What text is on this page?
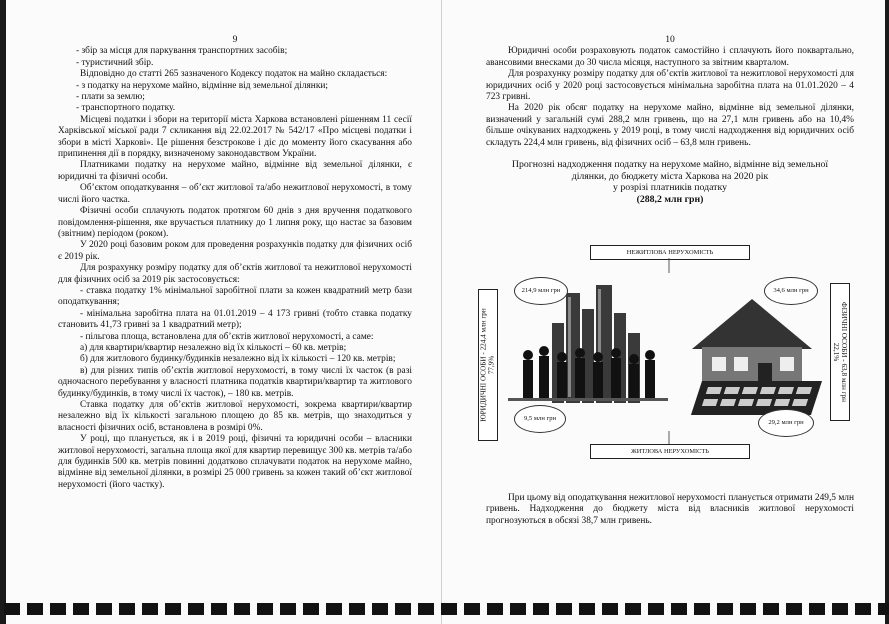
9

- збір за місця для паркування транспортних засобів;

- туристичний збір.

Відповідно до статті 265 зазначеного Кодексу податок на майно складається:

- з податку на нерухоме майно, відмінне від земельної ділянки;

- плати за землю;

- транспортного податку.

Місцеві податки і збори на території міста Харкова встановлені рішенням 11 сесії Харківської міської ради 7 скликання від 22.02.2017 № 542/17 «Про місцеві податки і збори в місті Харкові». Це рішення безстрокове і діє до моменту його скасування або припинення дії в порядку, визначеному законодавством України.

Платниками податку на нерухоме майно, відмінне від земельної ділянки, є юридичні та фізичні особи.

Об’єктом оподаткування – об’єкт житлової та/або нежитлової нерухомості, в тому числі його частка.

Фізичні особи сплачують податок протягом 60 днів з дня вручення податкового повідомлення-рішення, яке вручається платнику до 1 липня року, що настає за базовим (звітним) періодом (роком).

У 2020 році базовим роком для проведення розрахунків податку для фізичних осіб є 2019 рік.

Для розрахунку розміру податку для об’єктів житлової та нежитлової нерухомості для фізичних осіб за 2019 рік застосовується:

- ставка податку 1% мінімальної заробітної плати за кожен квадратний метр бази оподаткування;

- мінімальна заробітна плата на 01.01.2019 – 4 173 гривні (тобто ставка податку становить 41,73 гривні за 1 квадратний метр);

- пільгова площа, встановлена для об’єктів житлової нерухомості, а саме:

а) для квартири/квартир незалежно від їх кількості – 60 кв. метрів;

б) для житлового будинку/будинків незалежно від їх кількості – 120 кв. метрів;

в) для різних типів об’єктів житлової нерухомості, в тому числі їх часток (в разі одночасного перебування у власності платника податків квартири/квартир та житлового будинку/будинків, в тому числі їх часток), – 180 кв. метрів.

Ставка податку для об’єктів житлової нерухомості, зокрема квартири/квартир незалежно від їх кількості загальною площею до 85 кв. метрів, що знаходиться у власності фізичних осіб, встановлена в розмірі 0%.

У році, що планується, як і в 2019 році, фізичні та юридичні особи – власники житлової нерухомості, загальна площа якої для квартир перевищує 300 кв. метрів та/або для будинків 500 кв. метрів повинні додатково сплачувати податок на нерухоме майно, відмінне від земельної ділянки, в розмірі 25 000 гривень за кожен такий об’єкт житлової нерухомості (його частку).

10

Юридичні особи розраховують податок самостійно і сплачують його поквартально, авансовими внесками до 30 числа місяця, наступного за звітним кварталом.

Для розрахунку розміру податку для об’єктів житлової та нежитлової нерухомості для юридичних осіб у 2020 році застосовується мінімальна заробітна плата на 01.01.2020 – 4 723 гривні.

На 2020 рік обсяг податку на нерухоме майно, відмінне від земельної ділянки, визначений у загальній сумі 288,2 млн гривень, що на 27,1 млн гривень або на 10,4% більше очікуваних надходжень у 2019 році, в тому числі надходження від юридичних осіб складуть 224,4 млн гривень, від фізичних осіб – 63,8 млн гривень.

Прогнозні надходження податку на нерухоме майно, відмінне від земельної
ділянки, до бюджету міста Харкова на 2020 рік
у розрізі платників податку
(288,2 млн грн)
НЕЖИТЛОВА НЕРУХОМІСТЬ
ЖИТЛОВА НЕРУХОМІСТЬ
ЮРИДИЧНІ ОСОБИ - 224,4 млн грн 77,9%	ФІЗИЧНІ ОСОБИ - 63,8 млн грн
22,1%
214,9 млн грн	34,6 млн грн
9,5 млн грн
29,2 млн грн

При цьому від оподаткування нежитлової нерухомості планується отримати 249,5 млн гривень. Надходження до бюджету міста від власників житлової нерухомості прогнозуються в обсязі 38,7 млн гривень.
